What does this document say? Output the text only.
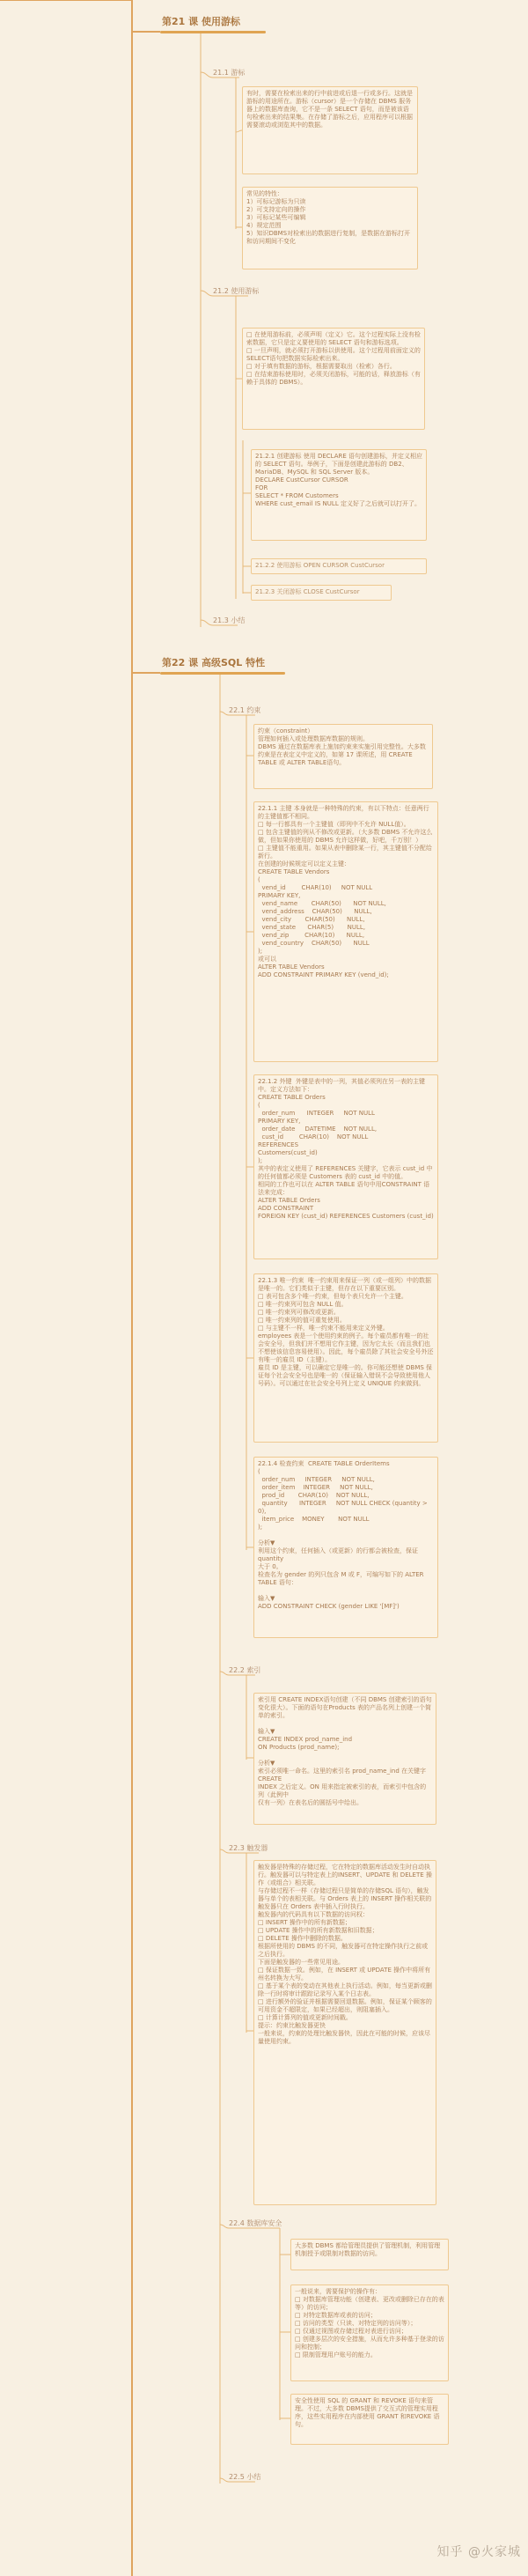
第21 课 使用游标
21.1 游标
有时，需要在检索出来的行中前进或后退一行或多行。这就是游标的用途所在。游标（cursor）是一个存储在 DBMS 服务器上的数据库查询，它不是一条 SELECT 语句，而是被该语句检索出来的结果集。在存储了游标之后，应用程序可以根据需要滚动或浏览其中的数据。
常见的特性：
1）可标记游标为只读
2）可支持定向的操作
3）可标记某些可编辑
4）规定范围
5）知识DBMS对检索出的数据进行复制，是数据在游标打开和访问期间不变化
21.2 使用游标
□ 在使用游标前，必须声明（定义）它。这个过程实际上没有检索数据，它只是定义要使用的 SELECT 语句和游标选项。
□ 一旦声明，就必须打开游标以供使用。这个过程用前面定义的 SELECT语句把数据实际检索出来。
□ 对于填有数据的游标，根据需要取出（检索）各行。
□ 在结束游标使用时，必须关闭游标，可能的话，释放游标（有赖于具体的 DBMS）。
21.2.1 创建游标 使用 DECLARE 语句创建游标，并定义相应的 SELECT 语句。举例子，下面是创建此游标的 DB2、MariaDB、MySQL 和 SQL Server 版本。
DECLARE CustCursor CURSOR
FOR
SELECT * FROM Customers
WHERE cust_email IS NULL 定义好了之后就可以打开了。
21.2.2 使用游标 OPEN CURSOR CustCursor
21.2.3 关闭游标 CLOSE CustCursor
21.3 小结
第22 课 高级SQL 特性
22.1 约束
约束（constraint）
管理如何插入或处理数据库数据的规则。
DBMS 通过在数据库表上施加约束来实施引用完整性。大多数约束是在表定义中定义的，如第 17 课所述，用 CREATE TABLE 或 ALTER TABLE语句。
22.1.1 主键 本身就是一种特殊的约束，有以下特点：任意两行的主键值都不相同。
□ 每一行都具有一个主键值（即列中不允许 NULL值）。
□ 包含主键值的列从不修改或更新。（大多数 DBMS 不允许这么做，但如果你使用的 DBMS 允许这样做，好吧，千万别！）
□ 主键值不能重用。如果从表中删除某一行，其主键值不分配给新行。
在创建的时候规定可以定义主键：
CREATE TABLE Vendors
(
vend_id        CHAR(10)     NOT NULL
PRIMARY KEY,
vend_name       CHAR(50)      NOT NULL,
vend_address    CHAR(50)      NULL,
vend_city       CHAR(50)      NULL,
vend_state      CHAR(5)       NULL,
vend_zip        CHAR(10)      NULL,
vend_country    CHAR(50)      NULL
);
或可以
ALTER TABLE Vendors
ADD CONSTRAINT PRIMARY KEY (vend_id);
22.1.2 外键  外键是表中的一列，其值必须列在另一表的主键中。定义方法如下：
CREATE TABLE Orders
(
order_num      INTEGER     NOT NULL
PRIMARY KEY,
order_date     DATETIME    NOT NULL,
cust_id        CHAR(10)    NOT NULL
REFERENCES
Customers(cust_id)
);
其中的表定义使用了 REFERENCES 关键字，它表示 cust_id 中的任何值都必须是 Customers 表的 cust_id 中的值。
相同的工作也可以在 ALTER TABLE 语句中用CONSTRAINT 语法来完成：
ALTER TABLE Orders
ADD CONSTRAINT
FOREIGN KEY (cust_id) REFERENCES Customers (cust_id)
22.1.3 唯一约束  唯一约束用来保证一列（或一组列）中的数据是唯一的。它们类似于主键，但存在以下重要区别。
□ 表可包含多个唯一约束，但每个表只允许一个主键。
□ 唯一约束列可包含 NULL 值。
□ 唯一约束列可修改或更新。
□ 唯一约束列的值可重复使用。
□ 与主键不一样，唯一约束不能用来定义外键。
employees 表是一个使用约束的例子。每个雇员都有唯一的社会安全号，但我们并不想用它作主键，因为它太长（而且我们也不想使该信息容易使用）。因此，每个雇员除了其社会安全号外还有唯一的雇员 ID（主键）。
雇员 ID 是主键，可以确定它是唯一的。你可能还想使 DBMS 保证每个社会安全号也是唯一的（保证输入错误不会导致使用他人号码）。可以通过在社会安全号列上定义 UNIQUE 约束做到。
22.1.4 检查约束  CREATE TABLE OrderItems
(
order_num     INTEGER     NOT NULL,
order_item    INTEGER     NOT NULL,
prod_id       CHAR(10)    NOT NULL,
quantity      INTEGER     NOT NULL CHECK (quantity > 0),
item_price    MONEY       NOT NULL
);

分析▼
利用这个约束，任何插入（或更新）的行都会被检查，保证 quantity
大于 0。
检查名为 gender 的列只包含 M 或 F，可编写如下的 ALTER TABLE 语句：

输入▼
ADD CONSTRAINT CHECK (gender LIKE '[MF]')
22.2 索引
索引用 CREATE INDEX语句创建（不同 DBMS 创建索引的语句变化很大）。下面的语句在Products 表的产品名列上创建一个简单的索引。

输入▼
CREATE INDEX prod_name_ind
ON Products (prod_name);

分析▼
索引必须唯一命名。这里的索引名 prod_name_ind 在关键字 CREATE
INDEX 之后定义。ON 用来指定被索引的表，而索引中包含的列（此例中
仅有一列）在表名后的圆括号中给出。
22.3 触发器
触发器是特殊的存储过程，它在特定的数据库活动发生时自动执行。触发器可以与特定表上的INSERT、UPDATE 和 DELETE 操作（或组合）相关联。
与存储过程不一样（存储过程只是简单的存储SQL 语句），触发器与单个的表相关联。与 Orders 表上的 INSERT 操作相关联的触发器只在 Orders 表中插入行时执行。
触发器内的代码具有以下数据的访问权：
□ INSERT 操作中的所有新数据；
□ UPDATE 操作中的所有新数据和旧数据；
□ DELETE 操作中删除的数据。
根据所使用的 DBMS 的不同，触发器可在特定操作执行之前或之后执行。
下面是触发器的一些常见用途。
□ 保证数据一致。例如，在 INSERT 或 UPDATE 操作中将所有州名转换为大写。
□ 基于某个表的变动在其他表上执行活动。例如，每当更新或删除一行时将审计跟踪记录写入某个日志表。
□ 进行额外的验证并根据需要回退数据。例如，保证某个顾客的可用资金不超限定，如果已经超出，则阻塞插入。
□ 计算计算列的值或更新时间戳。
提示：约束比触发器更快
一般来说，约束的处理比触发器快，因此在可能的时候，应该尽量使用约束。
22.4 数据库安全
大多数 DBMS 都给管理员提供了管理机制，利用管理机制授予或限制对数据的访问。
一般说来，需要保护的操作有：
□ 对数据库管理功能（创建表、更改或删除已存在的表等）的访问；
□ 对特定数据库或表的访问；
□ 访问的类型（只读、对特定列的访问等）；
□ 仅通过视图或存储过程对表进行访问；
□ 创建多层次的安全措施，从而允许多种基于登录的访问和控制；
□ 限制管理用户账号的能力。
安全性使用 SQL 的 GRANT 和 REVOKE 语句来管理。不过，大多数 DBMS提供了交互式的管理实用程序，这些实用程序在内部使用 GRANT 和REVOKE 语句。
22.5 小结
知乎 @火家城
